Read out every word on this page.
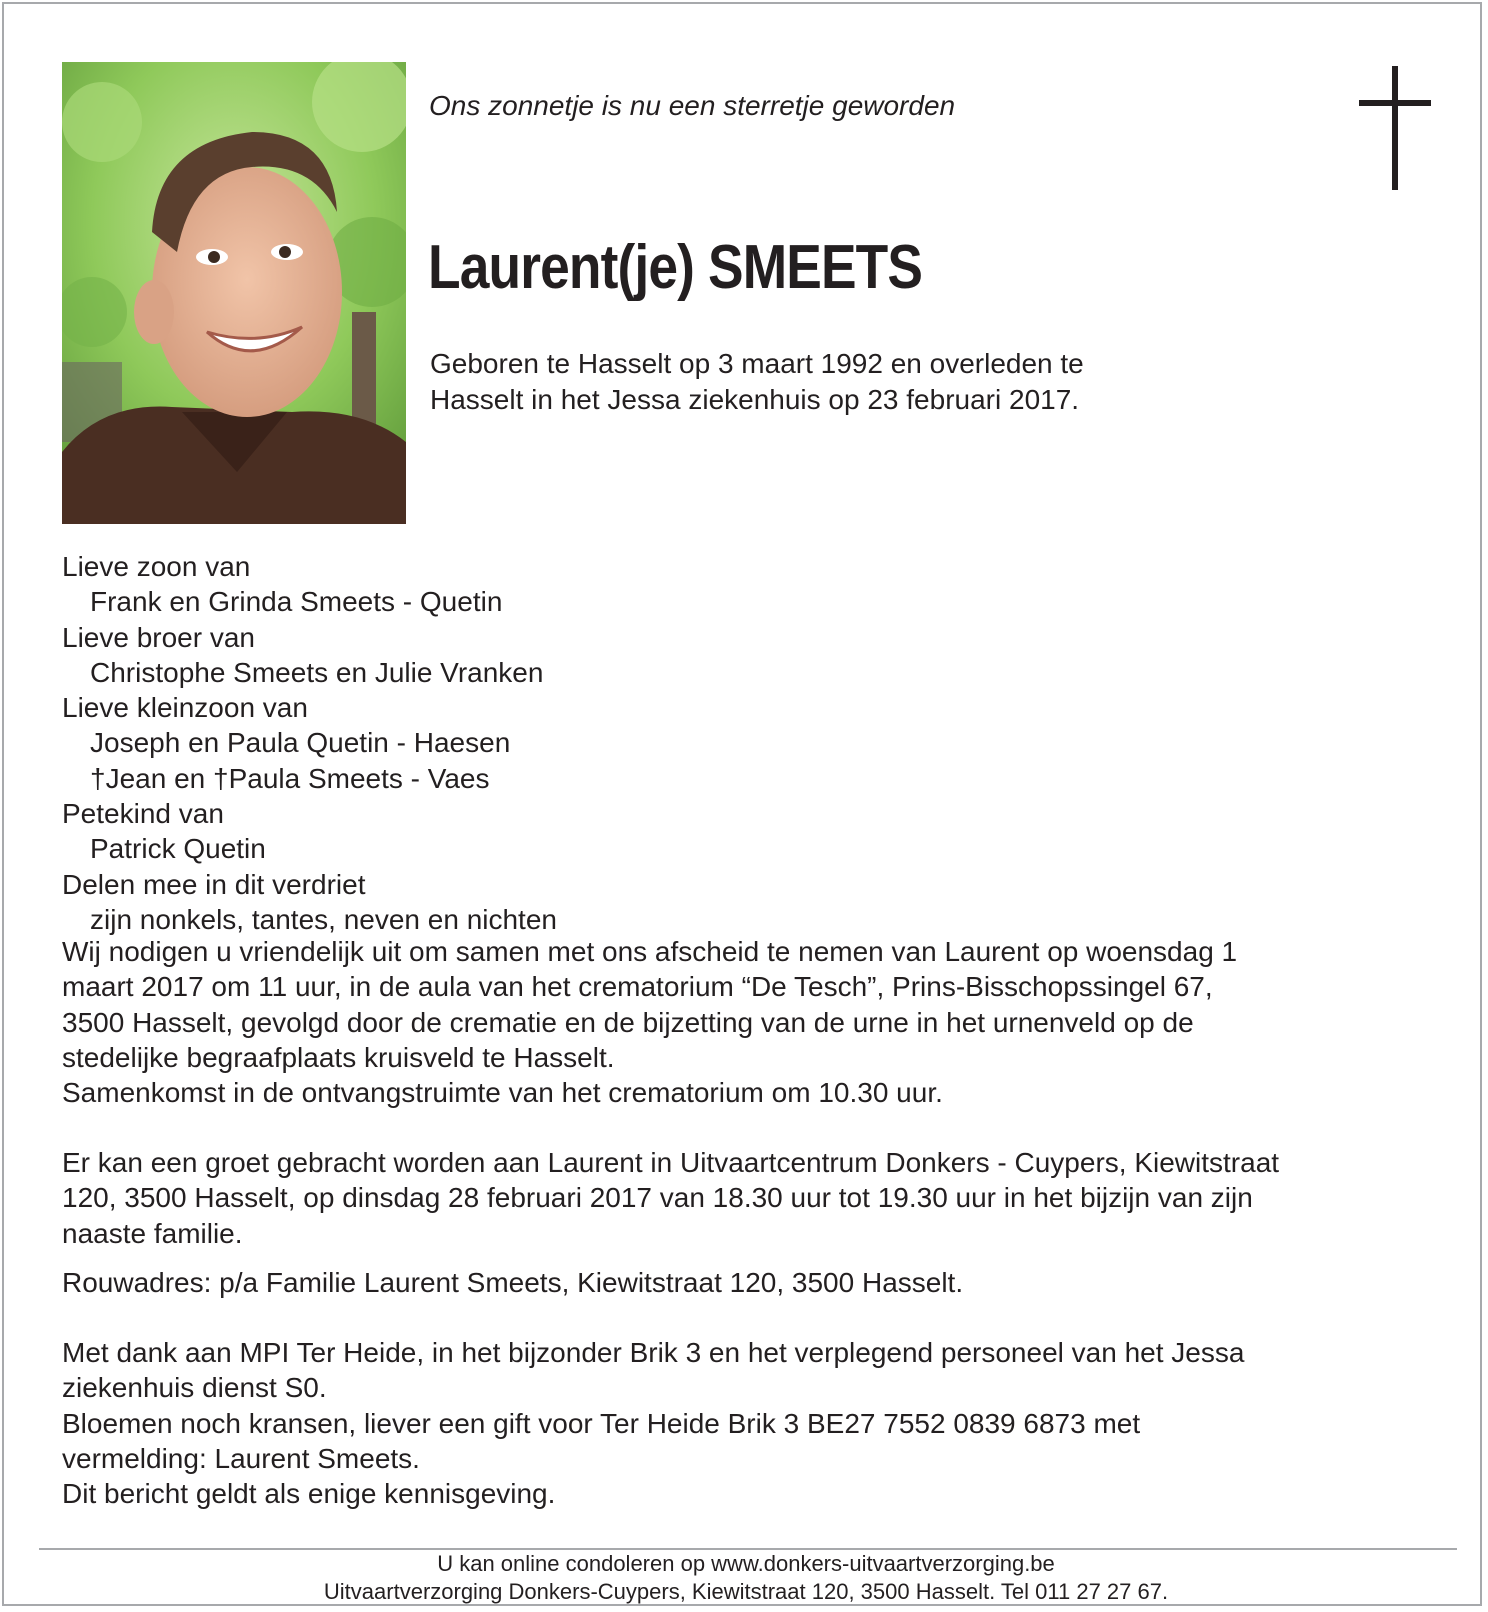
Ons zonnetje is nu een sterretje geworden
Laurent(je) SMEETS
Geboren te Hasselt op 3 maart 1992 en overleden te
Hasselt in het Jessa ziekenhuis op 23 februari 2017.
Lieve zoon van
Frank en Grinda Smeets - Quetin
Lieve broer van
Christophe Smeets en Julie Vranken
Lieve kleinzoon van
Joseph en Paula Quetin - Haesen
†Jean en †Paula Smeets - Vaes
Petekind van
Patrick Quetin
Delen mee in dit verdriet
zijn nonkels, tantes, neven en nichten
Wij nodigen u vriendelijk uit om samen met ons afscheid te nemen van Laurent op woensdag 1
maart 2017 om 11 uur, in de aula van het crematorium “De Tesch”, Prins-Bisschopssingel 67,
3500 Hasselt, gevolgd door de crematie en de bijzetting van de urne in het urnenveld op de
stedelijke begraafplaats kruisveld te Hasselt.
Samenkomst in de ontvangstruimte van het crematorium om 10.30 uur.
Er kan een groet gebracht worden aan Laurent in Uitvaartcentrum Donkers - Cuypers, Kiewitstraat
120, 3500 Hasselt, op dinsdag 28 februari 2017 van 18.30 uur tot 19.30 uur in het bijzijn van zijn
naaste familie.
Rouwadres: p/a Familie Laurent Smeets, Kiewitstraat 120, 3500 Hasselt.
Met dank aan MPI Ter Heide, in het bijzonder Brik 3 en het verplegend personeel van het Jessa
ziekenhuis dienst S0.
Bloemen noch kransen, liever een gift voor Ter Heide Brik 3 BE27 7552 0839 6873 met
vermelding: Laurent Smeets.
Dit bericht geldt als enige kennisgeving.
U kan online condoleren op www.donkers-uitvaartverzorging.be
Uitvaartverzorging Donkers-Cuypers, Kiewitstraat 120, 3500 Hasselt. Tel 011 27 27 67.
